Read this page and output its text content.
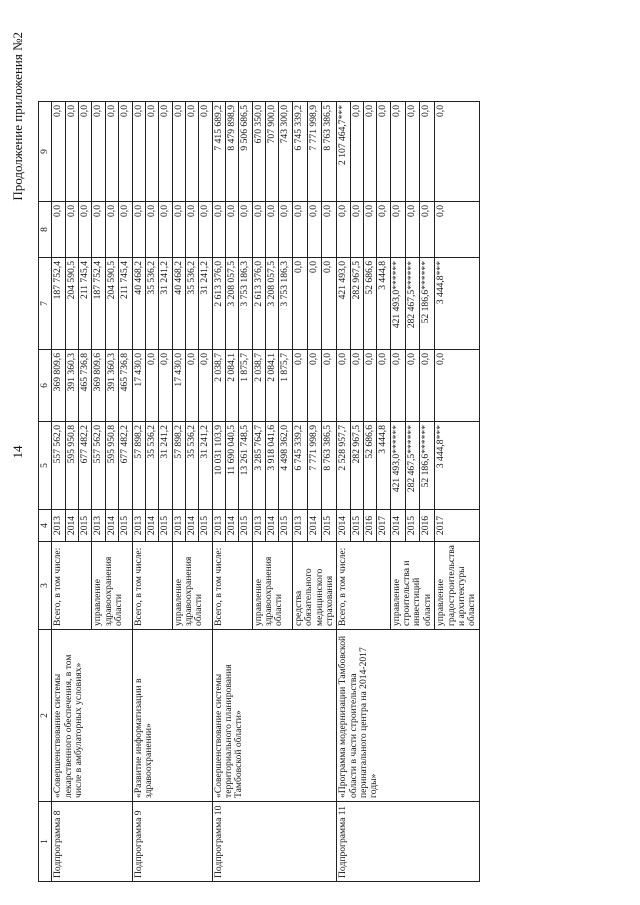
14
Продолжение приложения №2
1	2	3	4	5	6	7	8	9
Подпрограмма 8	«Совершенствование системы лекарственного обеспечения, в том числе в амбулаторных условиях»	Всего, в том числе:	2013	557 562,0	369 809,6	187 752,4	0,0	0,0
			2014	595 950,8	391 360,3	204 590,5	0,0	0,0
			2015	677 482,2	465 736,8	211 745,4	0,0	0,0
		управление здравоохранения области	2013	557 562,0	369 809,6	187 752,4	0,0	0,0
			2014	595 950,8	391 360,3	204 590,5	0,0	0,0
			2015	677 482,2	465 736,8	211 745,4	0,0	0,0
Подпрограмма 9	«Развитие информатизации в здравоохранении»	Всего, в том числе:	2013	57 898,2	17 430,0	40 468,2	0,0	0,0
			2014	35 536,2	0,0	35 536,2	0,0	0,0
			2015	31 241,2	0,0	31 241,2	0,0	0,0
		управление здравоохранения области	2013	57 898,2	17 430,0	40 468,2	0,0	0,0
			2014	35 536,2	0,0	35 536,2	0,0	0,0
			2015	31 241,2	0,0	31 241,2	0,0	0,0
Подпрограмма 10	«Совершенствование системы территориального планирования Тамбовской области»	Всего, в том числе:	2013	10 031 103,9	2 038,7	2 613 376,0	0,0	7 415 689,2
			2014	11 690 040,5	2 084,1	3 208 057,5	0,0	8 479 898,9
			2015	13 261 748,5	1 875,7	3 753 186,3	0,0	9 506 686,5
		управление здравоохранения области	2013	3 285 764,7	2 038,7	2 613 376,0	0,0	670 350,0
			2014	3 918 041,6	2 084,1	3 208 057,5	0,0	707 900,0
			2015	4 498 362,0	1 875,7	3 753 186,3	0,0	743 300,0
		средства обязательного медицинского страхования	2013	6 745 339,2	0,0	0,0	0,0	6 745 339,2
			2014	7 771 998,9	0,0	0,0	0,0	7 771 998,9
			2015	8 763 386,5	0,0	0,0	0,0	8 763 386,5
Подпрограмма 11	«Программа модернизации Тамбовской области в части строительства перинатального центра на 2014-2017 годы»	Всего, в том числе:	2014	2 528 957,7	0,0	421 493,0	0,0	2 107 464,7***
			2015	282 967,5	0,0	282 967,5	0,0	0,0
			2016	52 686,6	0,0	52 686,6	0,0	0,0
			2017	3 444,8	0,0	3 444,8	0,0	0,0
		управление строительства и инвестиций области	2014	421 493,0******	0,0	421 493,0******	0,0	0,0
			2015	282 467,5******	0,0	282 467,5******	0,0	0,0
			2016	52 186,6******	0,0	52 186,6******	0,0	0,0
		управление градостроительства и архитектуры области	2017	3 444,8***	0,0	3 444,8***	0,0	0,0
